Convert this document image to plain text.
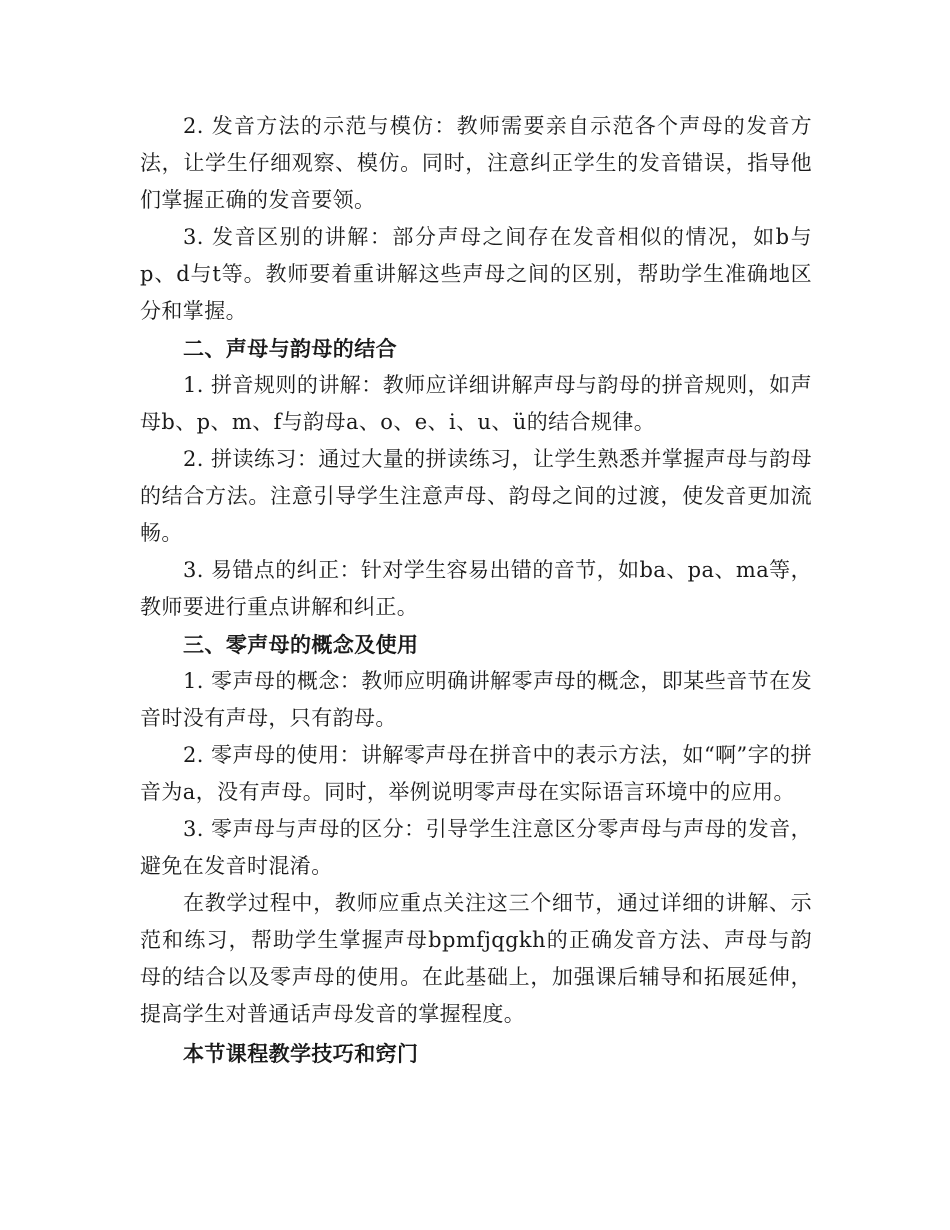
2. 发音方法的示范与模仿：教师需要亲自示范各个声母的发音方法，让学生仔细观察、模仿。同时，注意纠正学生的发音错误，指导他们掌握正确的发音要领。

3. 发音区别的讲解：部分声母之间存在发音相似的情况，如b与p、d与t等。教师要着重讲解这些声母之间的区别，帮助学生准确地区分和掌握。

二、声母与韵母的结合

1. 拼音规则的讲解：教师应详细讲解声母与韵母的拼音规则，如声母b、p、m、f与韵母a、o、e、i、u、ü的结合规律。

2. 拼读练习：通过大量的拼读练习，让学生熟悉并掌握声母与韵母的结合方法。注意引导学生注意声母、韵母之间的过渡，使发音更加流畅。

3. 易错点的纠正：针对学生容易出错的音节，如ba、pa、ma等，教师要进行重点讲解和纠正。

三、零声母的概念及使用

1. 零声母的概念：教师应明确讲解零声母的概念，即某些音节在发音时没有声母，只有韵母。

2. 零声母的使用：讲解零声母在拼音中的表示方法，如“啊”字的拼音为a，没有声母。同时，举例说明零声母在实际语言环境中的应用。

3. 零声母与声母的区分：引导学生注意区分零声母与声母的发音，避免在发音时混淆。

在教学过程中，教师应重点关注这三个细节，通过详细的讲解、示范和练习，帮助学生掌握声母bpmfjqgkh的正确发音方法、声母与韵母的结合以及零声母的使用。在此基础上，加强课后辅导和拓展延伸，提高学生对普通话声母发音的掌握程度。

本节课程教学技巧和窍门
